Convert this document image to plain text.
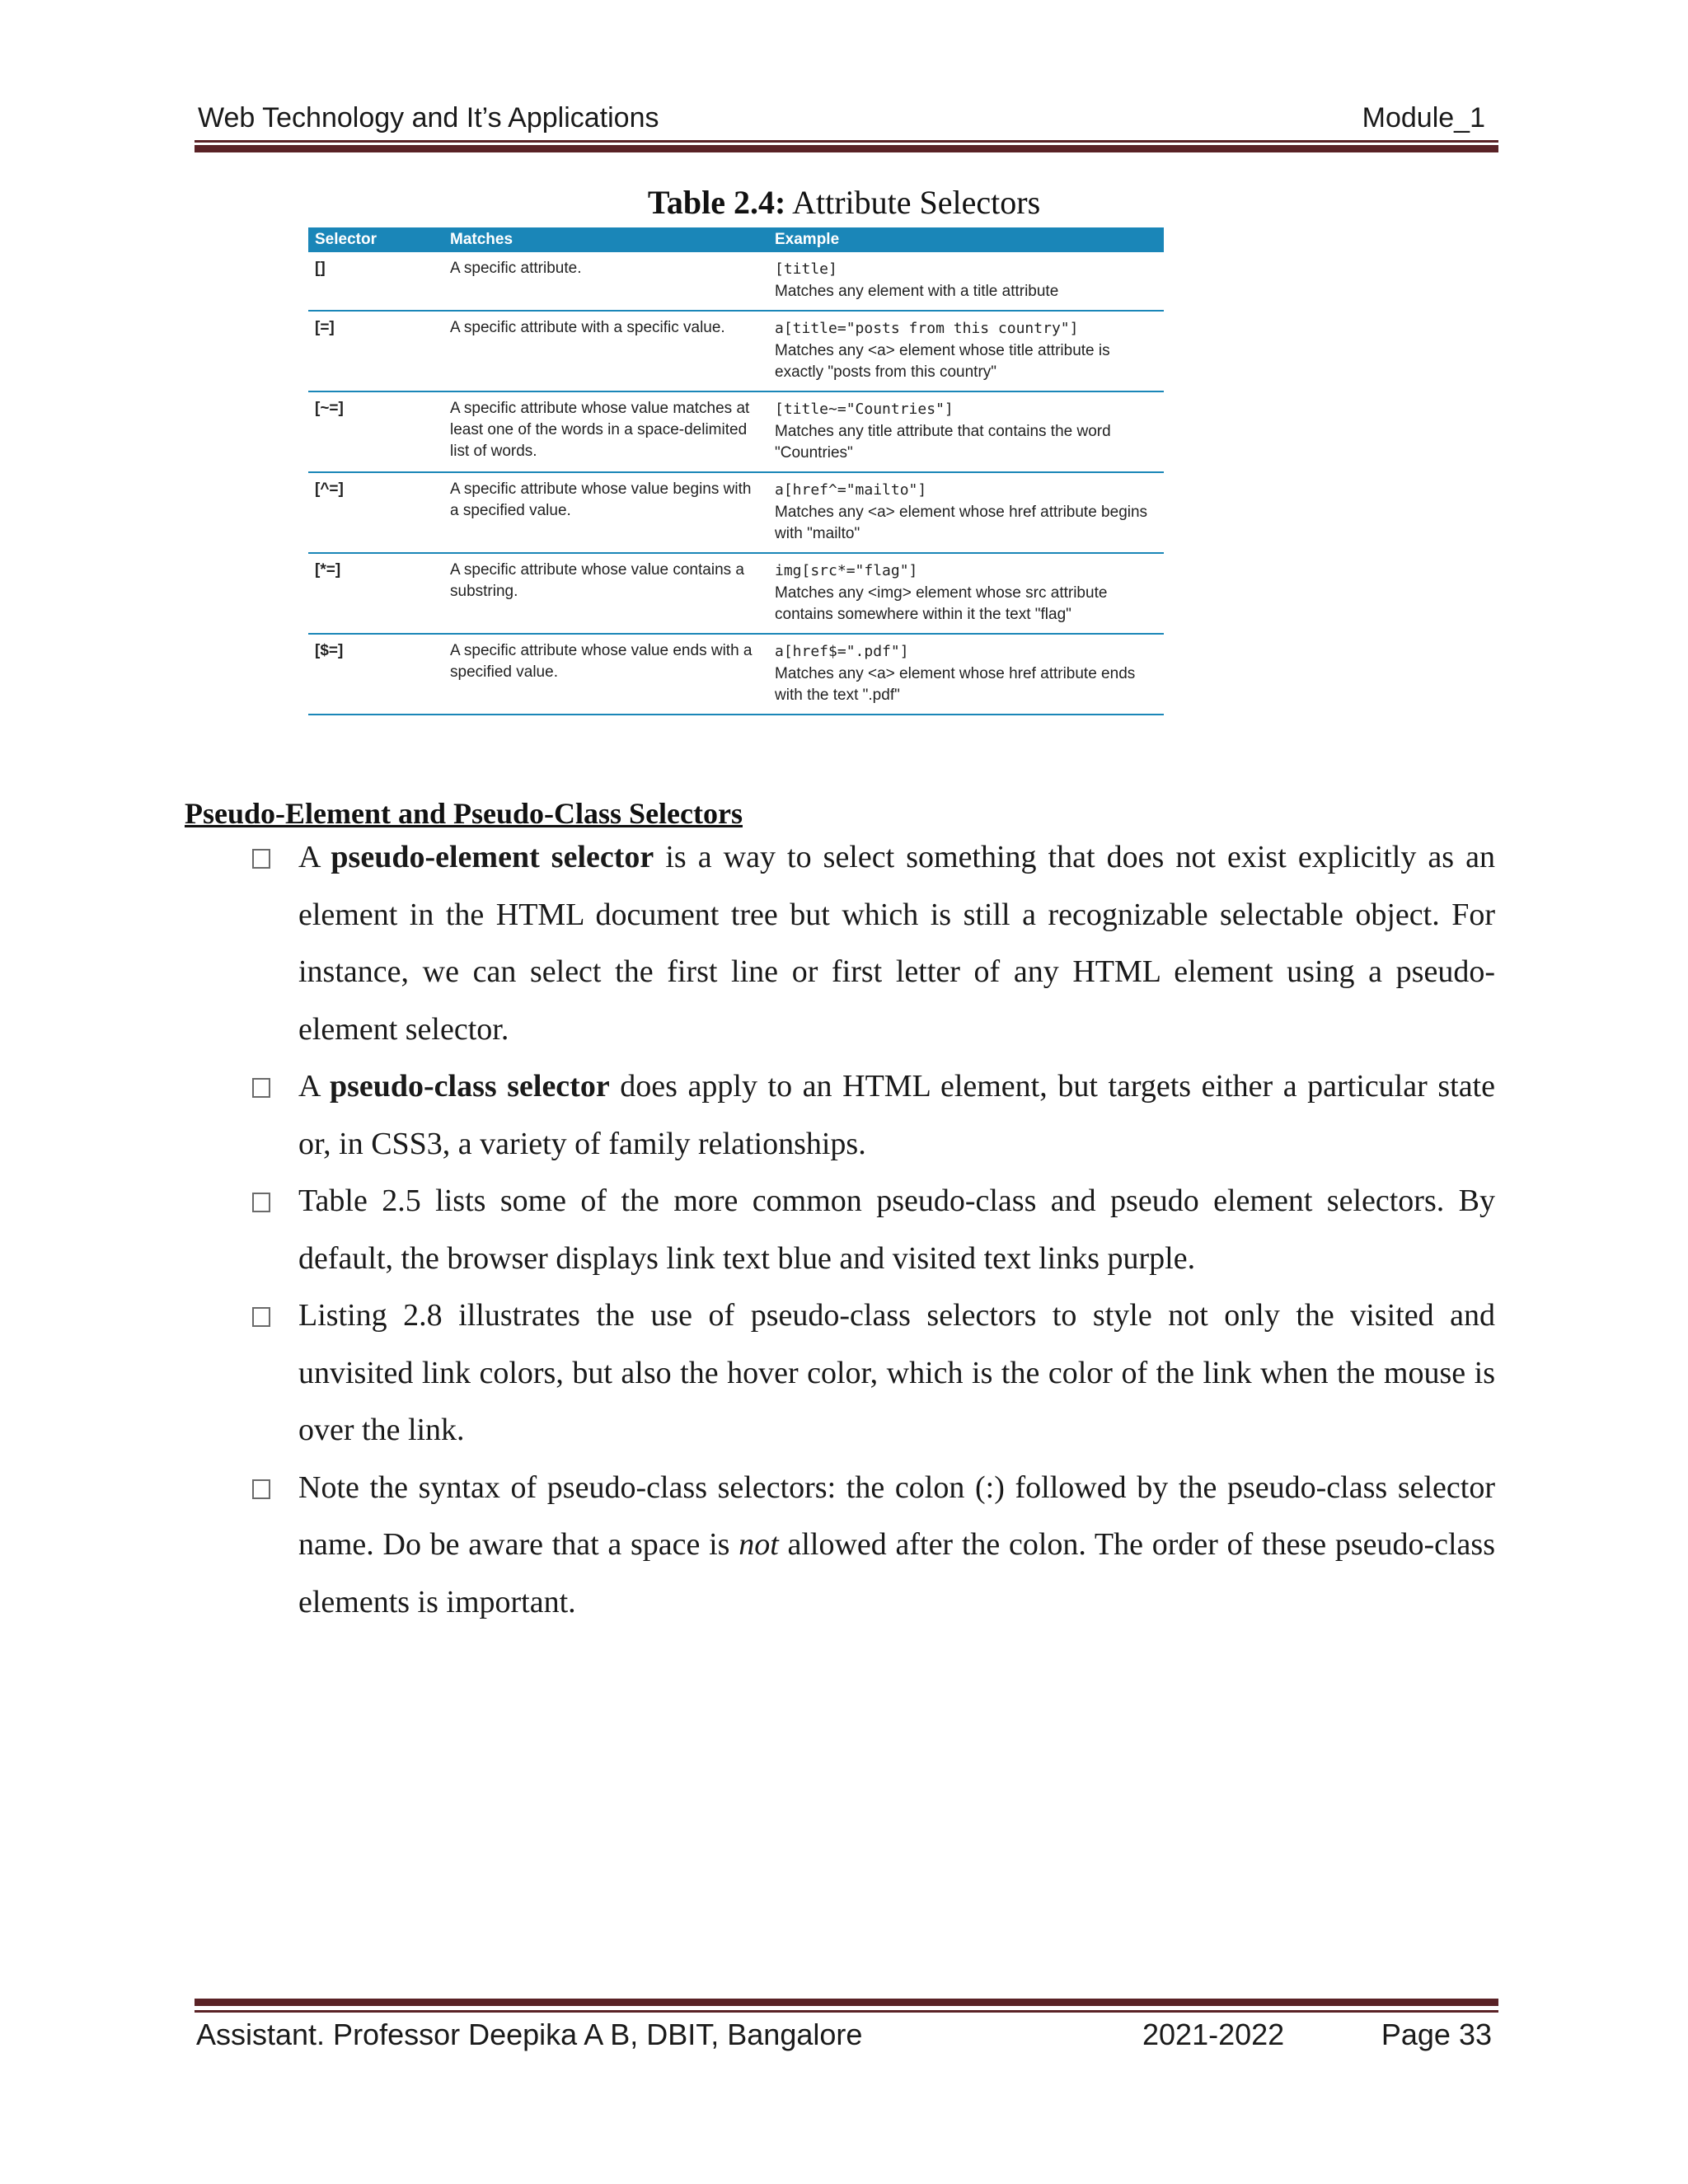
Web Technology and It’s Applications	Module_1
Table 2.4: Attribute Selectors
Selector	Matches	Example
[]	A specific attribute.	[title]
Matches any element with a title attribute

[=]	A specific attribute with a specific value.	a[title="posts from this country"]
Matches any <a> element whose title attribute is exactly "posts from this country"

[~=]	A specific attribute whose value matches at least one of the words in a space-delimited list of words.	[title~="Countries"]
Matches any title attribute that contains the word "Countries"

[^=]	A specific attribute whose value begins with a specified value.	a[href^="mailto"]
Matches any <a> element whose href attribute begins with "mailto"

[*=]	A specific attribute whose value contains a substring.	img[src*="flag"]
Matches any <img> element whose src attribute contains somewhere within it the text "flag"

[$=]	A specific attribute whose value ends with a specified value.	a[href$=".pdf"]
Matches any <a> element whose href attribute ends with the text ".pdf"
Pseudo-Element and Pseudo-Class Selectors
A pseudo-element selector is a way to select something that does not exist explicitly as an element in the HTML document tree but which is still a recognizable selectable object. For instance, we can select the first line or first letter of any HTML element using a pseudo-element selector.
A pseudo-class selector does apply to an HTML element, but targets either a particular state or, in CSS3, a variety of family relationships.
Table 2.5 lists some of the more common pseudo-class and pseudo element selectors. By default, the browser displays link text blue and visited text links purple.
Listing 2.8 illustrates the use of pseudo-class selectors to style not only the visited and unvisited link colors, but also the hover color, which is the color of the link when the mouse is over the link.
Note the syntax of pseudo-class selectors: the colon (:) followed by the pseudo-class selector name. Do be aware that a space is not allowed after the colon. The order of these pseudo-class elements is important.
Assistant. Professor Deepika A B, DBIT, Bangalore	2021-2022	Page 33
